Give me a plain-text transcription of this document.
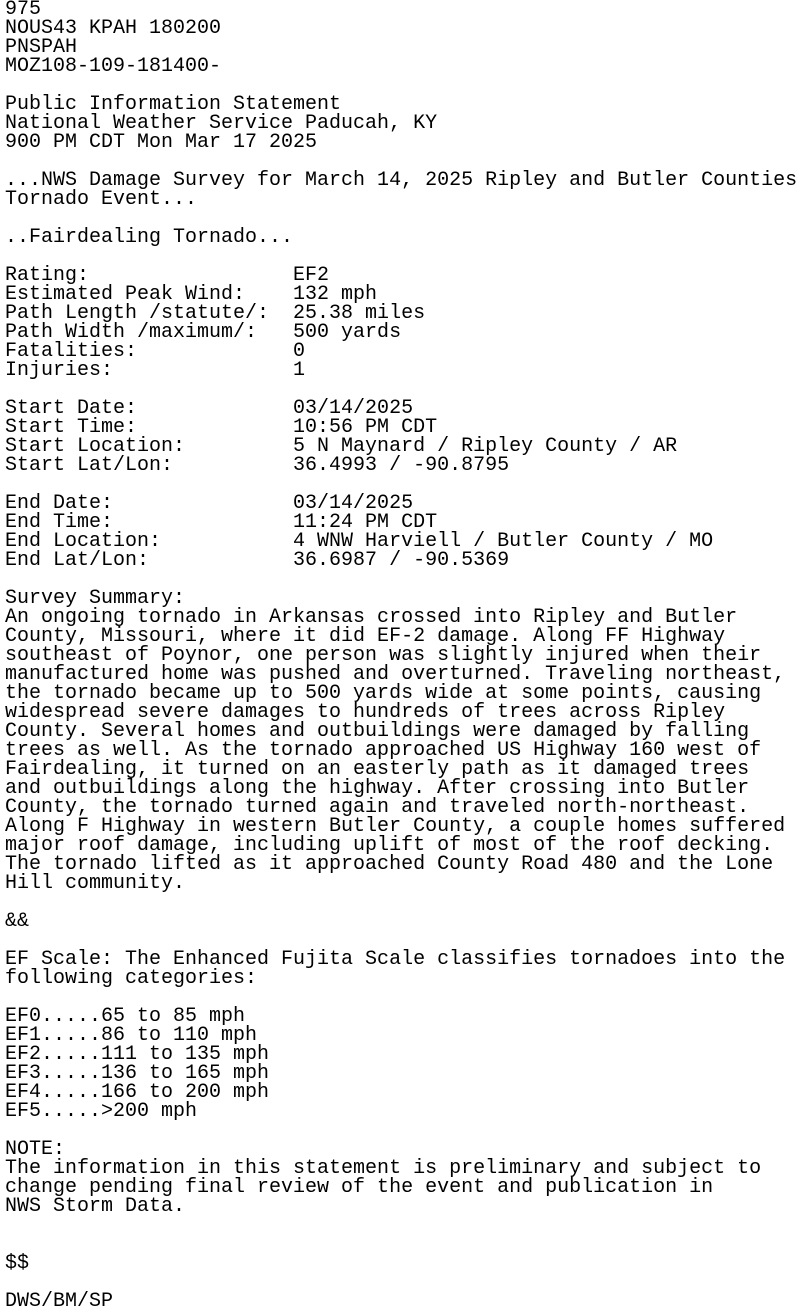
975
NOUS43 KPAH 180200
PNSPAH
MOZ108-109-181400-
Public Information Statement
National Weather Service Paducah, KY
900 PM CDT Mon Mar 17 2025
...NWS Damage Survey for March 14, 2025 Ripley and Butler Counties
Tornado Event...
..Fairdealing Tornado...
Rating:                 EF2
Estimated Peak Wind:    132 mph
Path Length /statute/:  25.38 miles
Path Width /maximum/:   500 yards
Fatalities:             0
Injuries:               1
Start Date:             03/14/2025
Start Time:             10:56 PM CDT
Start Location:         5 N Maynard / Ripley County / AR
Start Lat/Lon:          36.4993 / -90.8795
End Date:               03/14/2025
End Time:               11:24 PM CDT
End Location:           4 WNW Harviell / Butler County / MO
End Lat/Lon:            36.6987 / -90.5369
Survey Summary:
An ongoing tornado in Arkansas crossed into Ripley and Butler
County, Missouri, where it did EF-2 damage. Along FF Highway
southeast of Poynor, one person was slightly injured when their
manufactured home was pushed and overturned. Traveling northeast,
the tornado became up to 500 yards wide at some points, causing
widespread severe damages to hundreds of trees across Ripley
County. Several homes and outbuildings were damaged by falling
trees as well. As the tornado approached US Highway 160 west of
Fairdealing, it turned on an easterly path as it damaged trees
and outbuildings along the highway. After crossing into Butler
County, the tornado turned again and traveled north-northeast.
Along F Highway in western Butler County, a couple homes suffered
major roof damage, including uplift of most of the roof decking.
The tornado lifted as it approached County Road 480 and the Lone
Hill community.
&&
EF Scale: The Enhanced Fujita Scale classifies tornadoes into the
following categories:
EF0.....65 to 85 mph
EF1.....86 to 110 mph
EF2.....111 to 135 mph
EF3.....136 to 165 mph
EF4.....166 to 200 mph
EF5.....>200 mph
NOTE:
The information in this statement is preliminary and subject to
change pending final review of the event and publication in
NWS Storm Data.
$$
DWS/BM/SP
